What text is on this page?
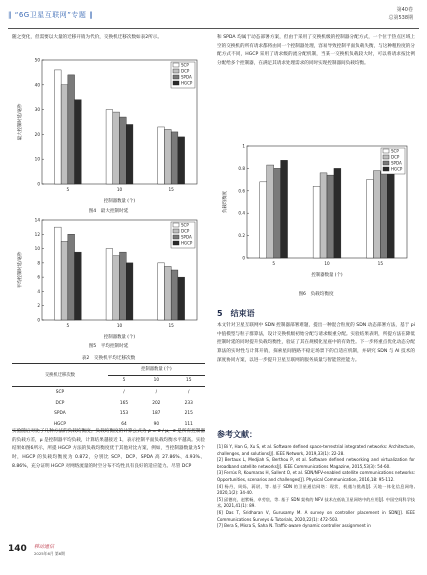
‖ “6G卫星互联网”专题 ‖
第40卷
总第538期
随之变化，但需要以大量的迁移开销为代价，交换机迁移次数如表2所示。
0
10
20
30
40
50
最大控制时延/毫秒
控制器数量 (个)
5	10	15
SCP
DCP
SPDA
HGCP
图4　最大控制时延
0
2
4
6
8
10
12
14
平均控制时延/毫秒
控制器数量 (个)
5	10	15
SCP
DCP
SPDA
HGCP
图5　平均控制时延
表2　交换机平均迁移次数
交换机迁移次数	控制器数量 (个)		
	5	10	15
SCP	/	/	/
DCP	165	202	233
SPDA	153	187	215
HGCP	64	90	111
实验随后对比了几种方法的负载均衡度。负载均衡度的计算公式为 ρ = σ / μ，σ 是所有控制器的负载方差，μ 是控制器平均负载，计算结果越接近 1，表示控制平面负载均衡水平越高。实验结果如图6所示，所提 HGCP 方法的负载均衡度优于其他对比方案，例如，当控制器数量为5个时，HGCP 的负载均衡度为 0.872，分别比 SCP、DCP、SPDA 高 27.86%、4.93%、8.86%，充分证明 HGCP 对网络流量的时空分布不均性具有良好的适应能力。尽管 DCP
和 SPDA 均属于动态部署方案，但由于采用了交换机级的控制器分配方式，一个位于热点区域上空的交换机的所有请求都将由同一个控制器处理，容易导致控制平面负载失衡，与这种粗粒度的分配方式不同，HGCP 采用了请求级的流分配机制，当某一交换机负载较大时，可以将请求按比例分配给多个控制器，在满足其请求处理需求的同时实现控制器间负载均衡。
0
0.2
0.4
0.6
0.8
1
负载均衡度
控制器数量 (个)
5	10	15
SCP
DCP
SPDA
HGCP
图6　负载均衡度
5　结束语
本文针对卫星互联网中 SDN 控制器部署难题，提出一种混合粒度的 SDN 动态部署方法，基于 pi 中值模型与粒子群算法，设计交换机级初始分配与请求级重分配。实验结果表明，所提方法在降低控制时延的同时提升负载均衡性，验证了其在规模化星座中的有效性。下一步将重点优化动态分配算法的实时性与计算开销，探索星间链路不稳定场景下的自适应机制，并研究 SDN 与 AI 技术的深度协同方案，以进一步提升卫星互联网的服务质量与智能管控能力。
参考文献：
[1] Bi Y, Han G, Xu S, et al. Software defined space-terrestrial integrated networks: Architecture, challenges, and solutions[J]. IEEE Network, 2019,33(1): 22-28.
[2] Bertaux L, Medjiah S, Berthou P, et al. Software defined networking and virtualization for broadband satellite networks[J]. IEEE Communications Magazine, 2015,53(3): 54-60.
[3] Ferrús R, Koumaras H, Sallent O, et al. SDN/NFV-enabled satellite communications networks: Opportunities, scenarios and challenges[J]. Physical Communication, 2016,18: 95-112.
[4] 杨丹，周烁，蒋尉，等. 基于 SDN 的卫星通信网络：现状、机遇与挑战[J]. 天地一体化信息网络, 2020,1(2): 34-40.
[5] 邱德亮，赵紫畅，卓劳宸，等. 基于 SDN 架构的 NFV 技术在低轨卫星网络中的应用[J]. 中国空间科学技术, 2021,41(1): 89.
[6] Das T, Sridharan V, Gurusamy M. A survey on controller placement in SDN[J]. IEEE Communications Surveys & Tutorials, 2020,22(1): 472-503.
[7] Bera S, Misra S, Saha N. Traffic-aware dynamic controller assignment in
140 移动通信
2025年6月 第6期
